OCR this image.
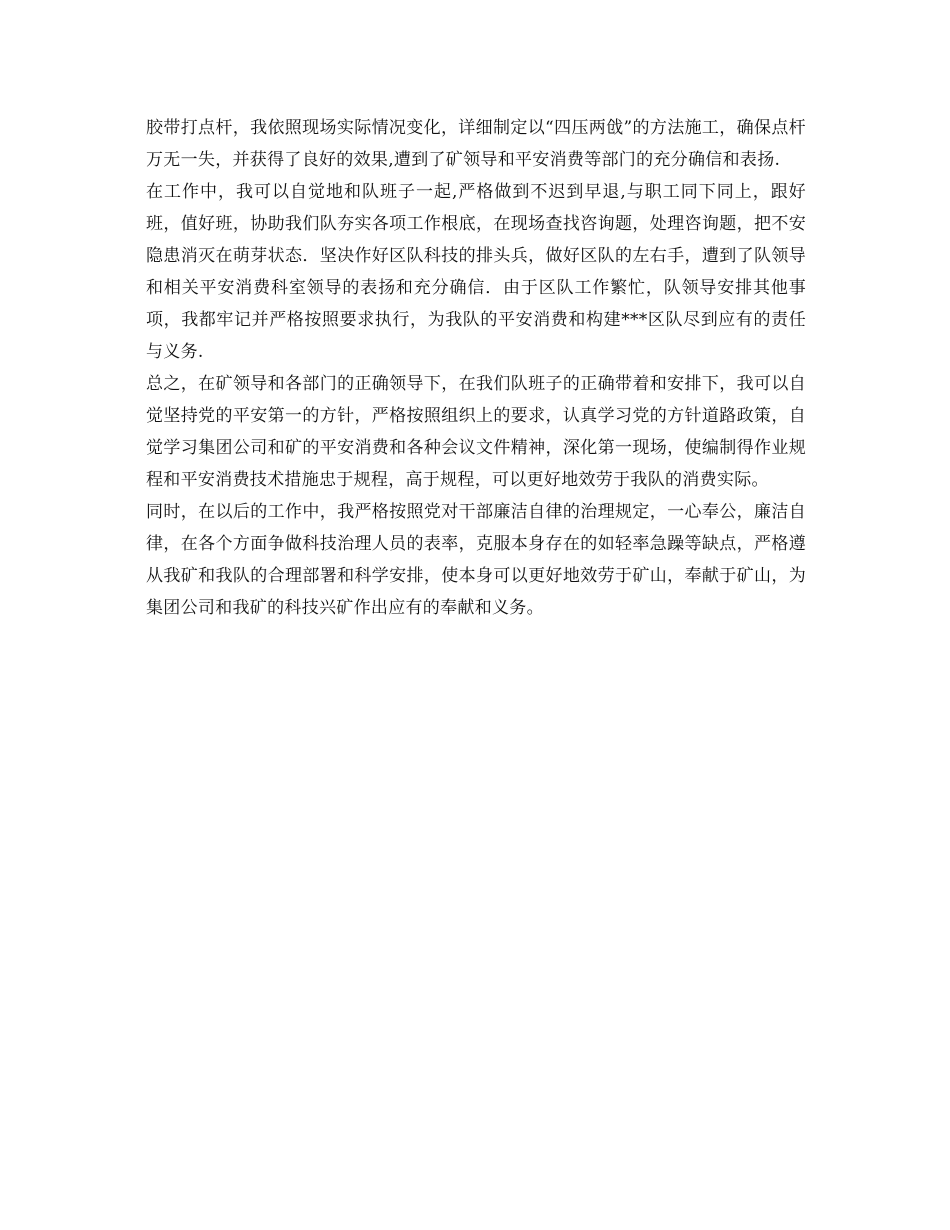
胶带打点杆，我依照现场实际情况变化，详细制定以“四压两戗”的方法施工，确保点杆万无一失，并获得了良好的效果,遭到了矿领导和平安消费等部门的充分确信和表扬.

在工作中，我可以自觉地和队班子一起,严格做到不迟到早退,与职工同下同上，跟好班，值好班，协助我们队夯实各项工作根底，在现场查找咨询题，处理咨询题，把不安隐患消灭在萌芽状态．坚决作好区队科技的排头兵，做好区队的左右手，遭到了队领导和相关平安消费科室领导的表扬和充分确信．由于区队工作繁忙，队领导安排其他事项，我都牢记并严格按照要求执行，为我队的平安消费和构建***区队尽到应有的责任与义务.

总之，在矿领导和各部门的正确领导下，在我们队班子的正确带着和安排下，我可以自觉坚持党的平安第一的方针，严格按照组织上的要求，认真学习党的方针道路政策，自觉学习集团公司和矿的平安消费和各种会议文件精神，深化第一现场，使编制得作业规程和平安消费技术措施忠于规程，高于规程，可以更好地效劳于我队的消费实际。

同时，在以后的工作中，我严格按照党对干部廉洁自律的治理规定，一心奉公，廉洁自律，在各个方面争做科技治理人员的表率，克服本身存在的如轻率急躁等缺点，严格遵从我矿和我队的合理部署和科学安排，使本身可以更好地效劳于矿山，奉献于矿山，为集团公司和我矿的科技兴矿作出应有的奉献和义务。
